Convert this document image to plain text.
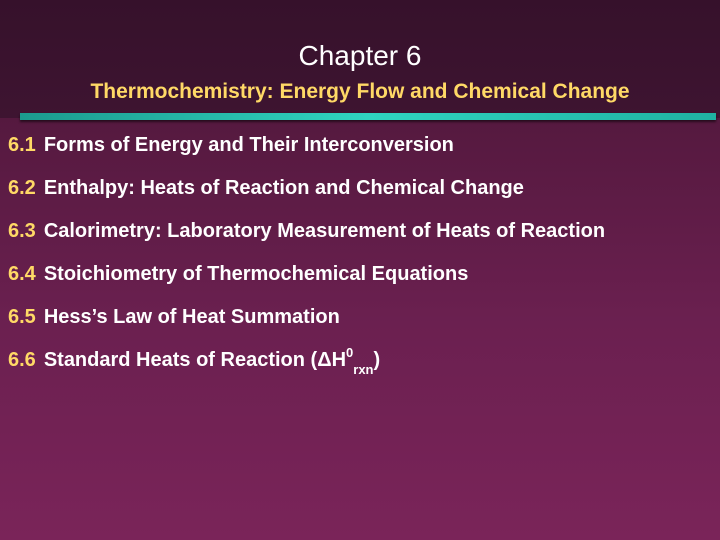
Chapter 6
Thermochemistry: Energy Flow and Chemical Change
6.1 Forms of Energy and Their Interconversion
6.2 Enthalpy: Heats of Reaction and Chemical Change
6.3 Calorimetry: Laboratory Measurement of Heats of Reaction
6.4 Stoichiometry of Thermochemical Equations
6.5 Hess’s Law of Heat Summation
6.6 Standard Heats of Reaction $(\Delta H^0_{rxn})$
